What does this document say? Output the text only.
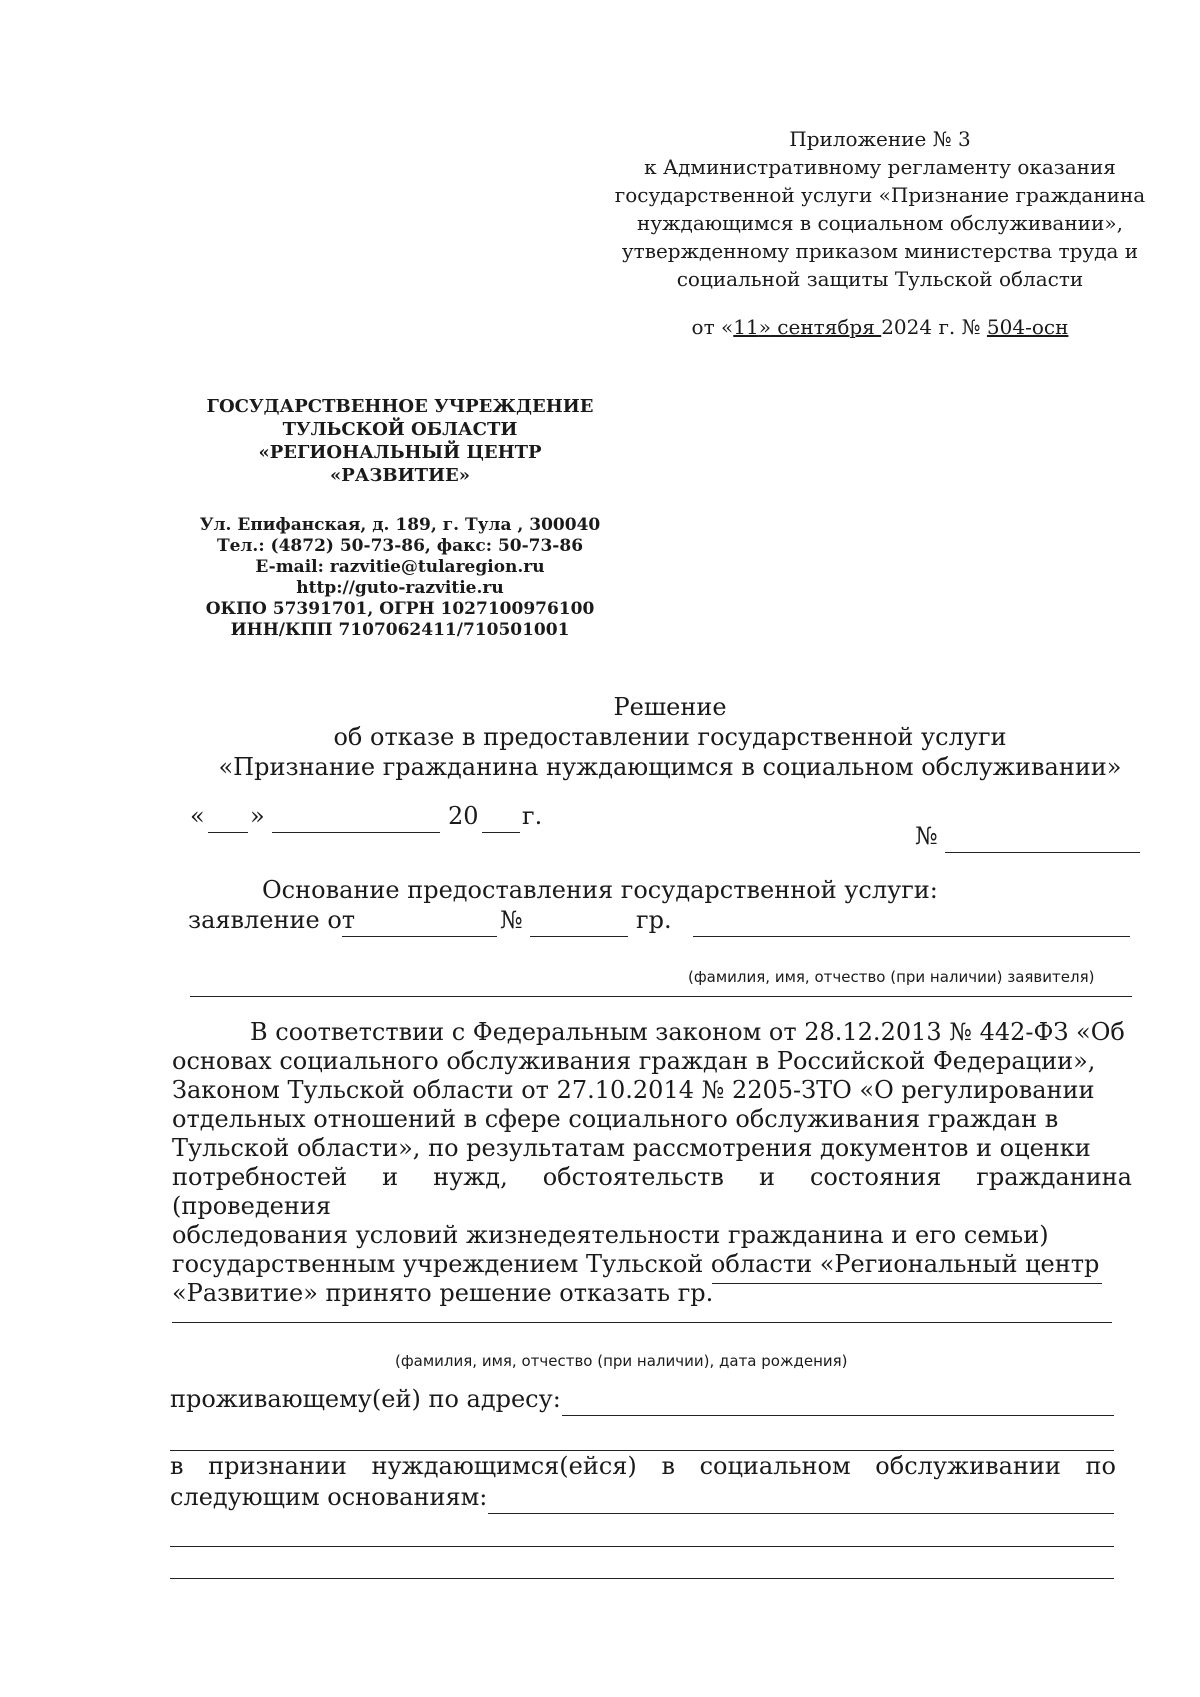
Приложение № 3
к Административному регламенту оказания
государственной услуги «Признание гражданина
нуждающимся в социальном обслуживании»,
утвержденному приказом министерства труда и
социальной защиты Тульской области
от «11» сентября 2024 г. № 504-осн
ГОСУДАРСТВЕННОЕ УЧРЕЖДЕНИЕ
ТУЛЬСКОЙ ОБЛАСТИ
«РЕГИОНАЛЬНЫЙ ЦЕНТР
«РАЗВИТИЕ»
Ул. Епифанская, д. 189, г. Тула , 300040
Тел.: (4872) 50-73-86, факс: 50-73-86
E-mail: razvitie@tularegion.ru
http://guto-razvitie.ru
ОКПО 57391701, ОГРН 1027100976100
ИНН/КПП 7107062411/710501001
Решение
об отказе в предоставлении государственной услуги
«Признание гражданина нуждающимся в социальном обслуживании»
« »	20 г.
№
Основание предоставления государственной услуги:
заявление от	№	гр.
(фамилия, имя, отчество (при наличии) заявителя)
В соответствии с Федеральным законом от 28.12.2013 № 442-ФЗ «Об
основах социального обслуживания граждан в Российской Федерации»,
Законом Тульской области от 27.10.2014 № 2205-ЗТО «О регулировании
отдельных отношений в сфере социального обслуживания граждан в
Тульской области», по результатам рассмотрения документов и оценки
потребностей и нужд, обстоятельств и состояния гражданина (проведения
обследования условий жизнедеятельности гражданина и его семьи)
государственным учреждением Тульской области «Региональный центр
«Развитие» принято решение отказать гр.
(фамилия, имя, отчество (при наличии), дата рождения)
проживающему(ей) по адресу:
в признании нуждающимся(ейся) в социальном обслуживании по
следующим основаниям:
